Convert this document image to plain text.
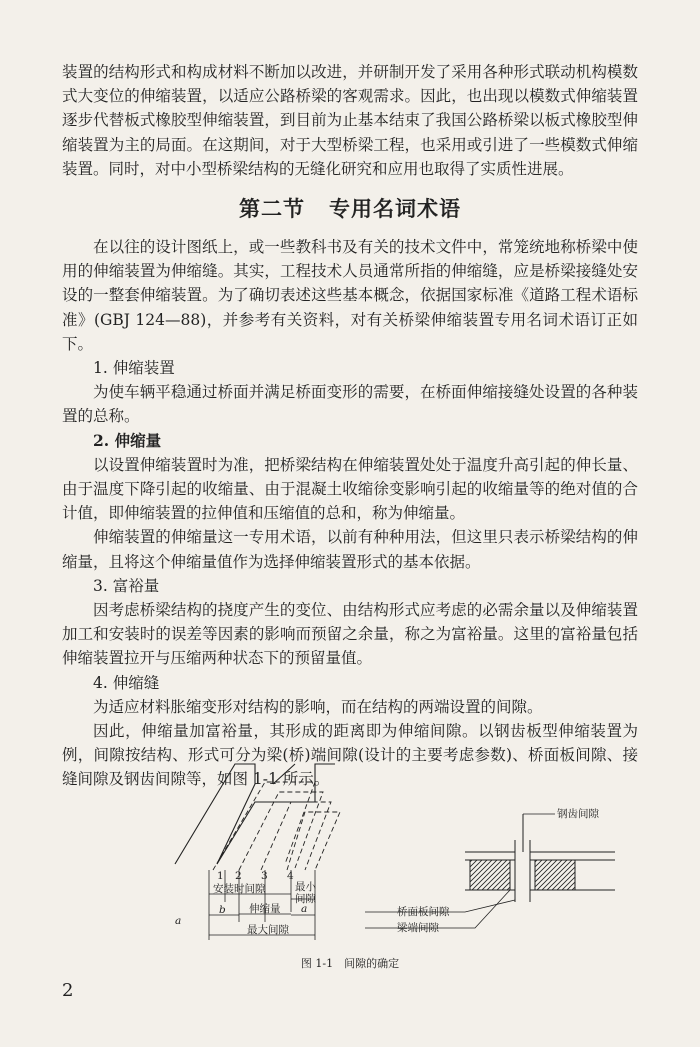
装置的结构形式和构成材料不断加以改进，并研制开发了采用各种形式联动机构模数式大变位的伸缩装置，以适应公路桥梁的客观需求。因此，也出现以模数式伸缩装置逐步代替板式橡胶型伸缩装置，到目前为止基本结束了我国公路桥梁以板式橡胶型伸缩装置为主的局面。在这期间，对于大型桥梁工程，也采用或引进了一些模数式伸缩装置。同时，对中小型桥梁结构的无缝化研究和应用也取得了实质性进展。

第二节 专用名词术语

在以往的设计图纸上，或一些教科书及有关的技术文件中，常笼统地称桥梁中使用的伸缩装置为伸缩缝。其实，工程技术人员通常所指的伸缩缝，应是桥梁接缝处安设的一整套伸缩装置。为了确切表述这些基本概念，依据国家标准《道路工程术语标准》(GBJ 124—88)，并参考有关资料，对有关桥梁伸缩装置专用名词术语订正如下。

1. 伸缩装置

为使车辆平稳通过桥面并满足桥面变形的需要，在桥面伸缩接缝处设置的各种装置的总称。

2. 伸缩量

以设置伸缩装置时为准，把桥梁结构在伸缩装置处处于温度升高引起的伸长量、由于温度下降引起的收缩量、由于混凝土收缩徐变影响引起的收缩量等的绝对值的合计值，即伸缩装置的拉伸值和压缩值的总和，称为伸缩量。

伸缩装置的伸缩量这一专用术语，以前有种种用法，但这里只表示桥梁结构的伸缩量，且将这个伸缩量值作为选择伸缩装置形式的基本依据。

3. 富裕量

因考虑桥梁结构的挠度产生的变位、由结构形式应考虑的必需余量以及伸缩装置加工和安装时的误差等因素的影响而预留之余量，称之为富裕量。这里的富裕量包括伸缩装置拉开与压缩两种状态下的预留量值。

4. 伸缩缝

为适应材料胀缩变形对结构的影响，而在结构的两端设置的间隙。

因此，伸缩量加富裕量，其形成的距离即为伸缩间隙。以钢齿板型伸缩装置为例，间隙按结构、形式可分为梁(桥)端间隙(设计的主要考虑参数)、桥面板间隙、接缝间隙及钢齿间隙等，如图 1-1 所示。

1 2 3 4
安装时间隙	最小
间隙
伸缩量
b	a
最大间隙
a
钢齿间隙
桥面板间隙
梁端间隙
图 1-1　间隙的确定
2
